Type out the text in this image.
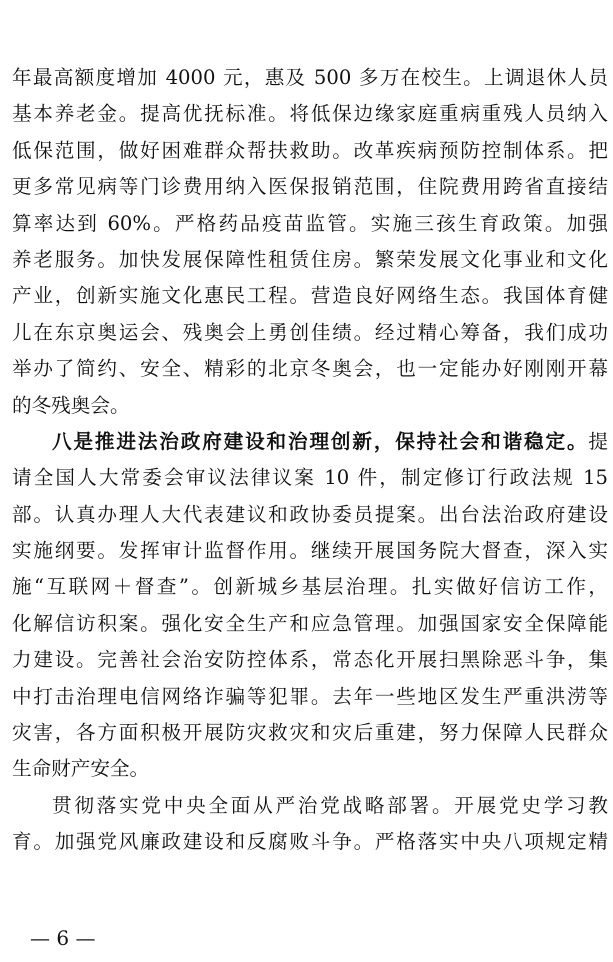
年最高额度增加 4000 元，惠及 500 多万在校生。上调退休人员
基本养老金。提高优抚标准。将低保边缘家庭重病重残人员纳入
低保范围，做好困难群众帮扶救助。改革疾病预防控制体系。把
更多常见病等门诊费用纳入医保报销范围，住院费用跨省直接结
算率达到 60%。严格药品疫苗监管。实施三孩生育政策。加强
养老服务。加快发展保障性租赁住房。繁荣发展文化事业和文化
产业，创新实施文化惠民工程。营造良好网络生态。我国体育健
儿在东京奥运会、残奥会上勇创佳绩。经过精心筹备，我们成功
举办了简约、安全、精彩的北京冬奥会，也一定能办好刚刚开幕
的冬残奥会。
八是推进法治政府建设和治理创新，保持社会和谐稳定。提
请全国人大常委会审议法律议案 10 件，制定修订行政法规 15
部。认真办理人大代表建议和政协委员提案。出台法治政府建设
实施纲要。发挥审计监督作用。继续开展国务院大督查，深入实
施“互联网＋督查”。创新城乡基层治理。扎实做好信访工作，
化解信访积案。强化安全生产和应急管理。加强国家安全保障能
力建设。完善社会治安防控体系，常态化开展扫黑除恶斗争，集
中打击治理电信网络诈骗等犯罪。去年一些地区发生严重洪涝等
灾害，各方面积极开展防灾救灾和灾后重建，努力保障人民群众
生命财产安全。
贯彻落实党中央全面从严治党战略部署。开展党史学习教
育。加强党风廉政建设和反腐败斗争。严格落实中央八项规定精
— 6 —
